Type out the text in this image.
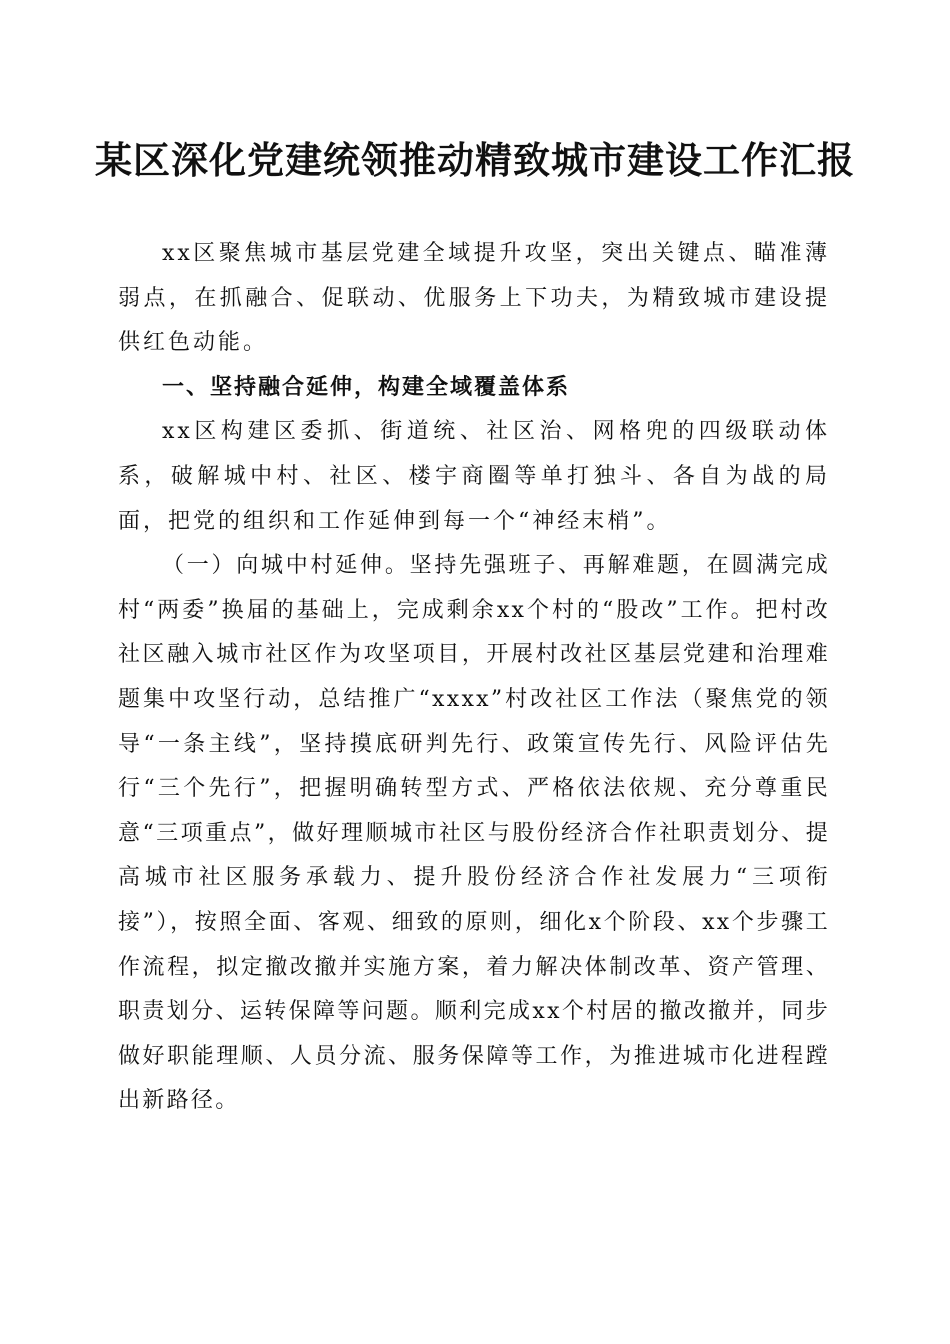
某区深化党建统领推动精致城市建设工作汇报

xx区聚焦城市基层党建全域提升攻坚，突出关键点、瞄准薄弱点，在抓融合、促联动、优服务上下功夫，为精致城市建设提供红色动能。

一、坚持融合延伸，构建全域覆盖体系

xx区构建区委抓、街道统、社区治、网格兜的四级联动体系，破解城中村、社区、楼宇商圈等单打独斗、各自为战的局面，把党的组织和工作延伸到每一个“神经末梢”。

（一）向城中村延伸。坚持先强班子、再解难题，在圆满完成村“两委”换届的基础上，完成剩余xx个村的“股改”工作。把村改社区融入城市社区作为攻坚项目，开展村改社区基层党建和治理难题集中攻坚行动，总结推广“xxxx”村改社区工作法（聚焦党的领导“一条主线”，坚持摸底研判先行、政策宣传先行、风险评估先行“三个先行”，把握明确转型方式、严格依法依规、充分尊重民意“三项重点”，做好理顺城市社区与股份经济合作社职责划分、提高城市社区服务承载力、提升股份经济合作社发展力“三项衔接”），按照全面、客观、细致的原则，细化x个阶段、xx个步骤工作流程，拟定撤改撤并实施方案，着力解决体制改革、资产管理、职责划分、运转保障等问题。顺利完成xx个村居的撤改撤并，同步做好职能理顺、人员分流、服务保障等工作，为推进城市化进程蹚出新路径。
